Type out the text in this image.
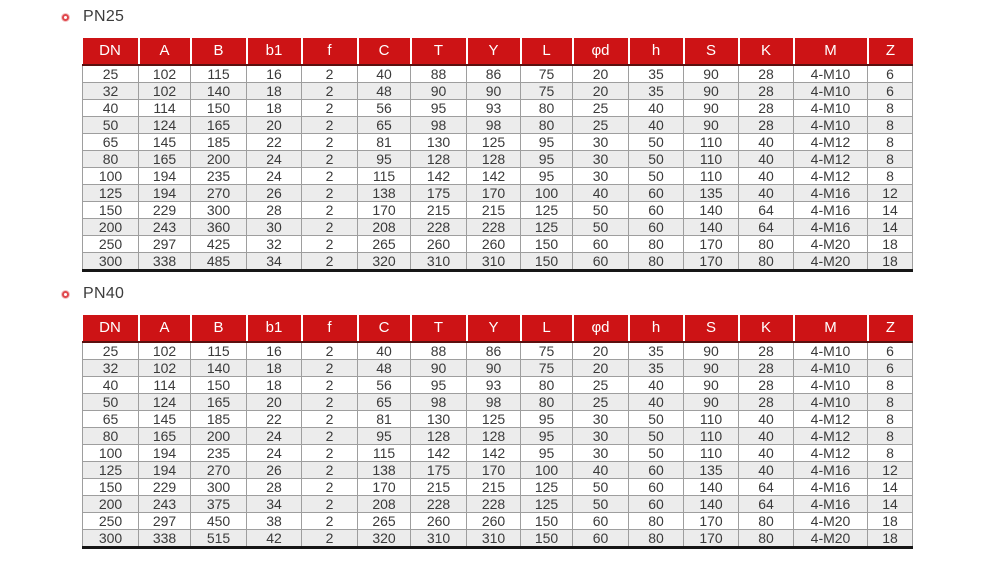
PN25
DN	A	B	b1	f	C	T	Y	L	φd	h	S	K	M	Z
25	102	115	16	2	40	88	86	75	20	35	90	28	4-M10	6
32	102	140	18	2	48	90	90	75	20	35	90	28	4-M10	6
40	114	150	18	2	56	95	93	80	25	40	90	28	4-M10	8
50	124	165	20	2	65	98	98	80	25	40	90	28	4-M10	8
65	145	185	22	2	81	130	125	95	30	50	110	40	4-M12	8
80	165	200	24	2	95	128	128	95	30	50	110	40	4-M12	8
100	194	235	24	2	115	142	142	95	30	50	110	40	4-M12	8
125	194	270	26	2	138	175	170	100	40	60	135	40	4-M16	12
150	229	300	28	2	170	215	215	125	50	60	140	64	4-M16	14
200	243	360	30	2	208	228	228	125	50	60	140	64	4-M16	14
250	297	425	32	2	265	260	260	150	60	80	170	80	4-M20	18
300	338	485	34	2	320	310	310	150	60	80	170	80	4-M20	18
PN40
DN	A	B	b1	f	C	T	Y	L	φd	h	S	K	M	Z
25	102	115	16	2	40	88	86	75	20	35	90	28	4-M10	6
32	102	140	18	2	48	90	90	75	20	35	90	28	4-M10	6
40	114	150	18	2	56	95	93	80	25	40	90	28	4-M10	8
50	124	165	20	2	65	98	98	80	25	40	90	28	4-M10	8
65	145	185	22	2	81	130	125	95	30	50	110	40	4-M12	8
80	165	200	24	2	95	128	128	95	30	50	110	40	4-M12	8
100	194	235	24	2	115	142	142	95	30	50	110	40	4-M12	8
125	194	270	26	2	138	175	170	100	40	60	135	40	4-M16	12
150	229	300	28	2	170	215	215	125	50	60	140	64	4-M16	14
200	243	375	34	2	208	228	228	125	50	60	140	64	4-M16	14
250	297	450	38	2	265	260	260	150	60	80	170	80	4-M20	18
300	338	515	42	2	320	310	310	150	60	80	170	80	4-M20	18
